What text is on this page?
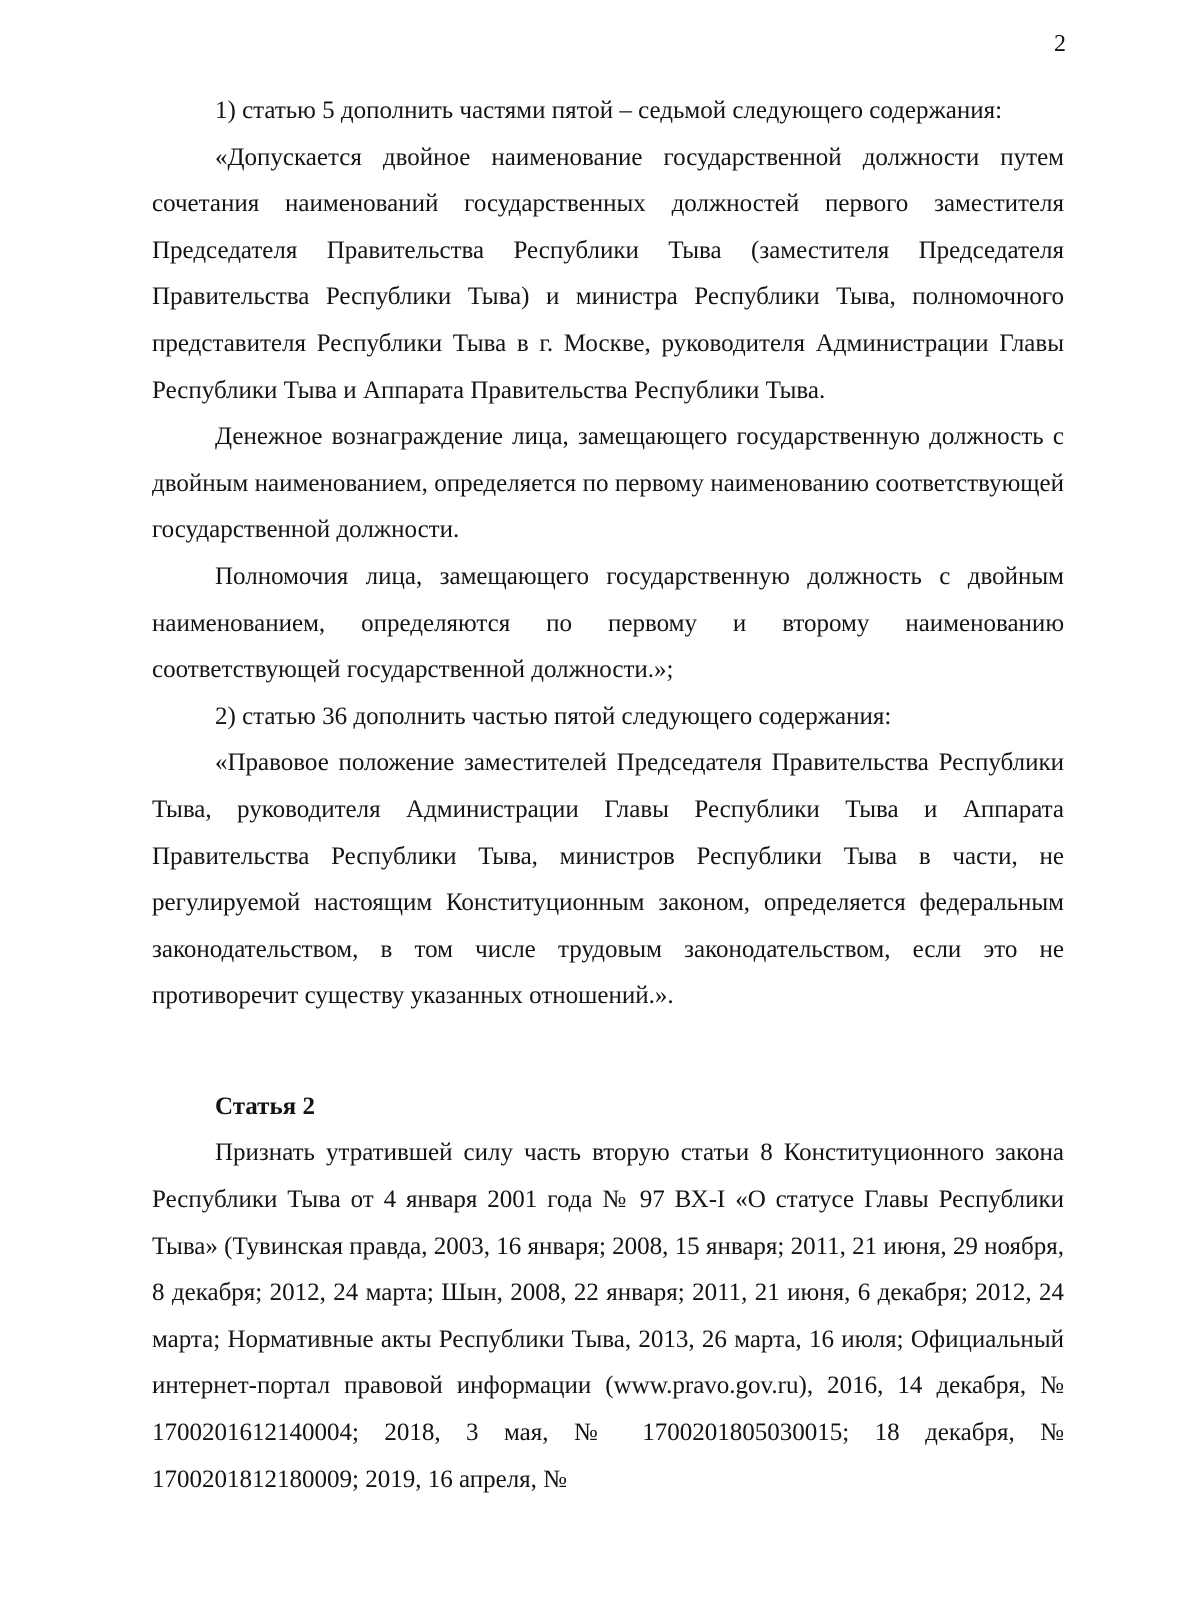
2

1) статью 5 дополнить частями пятой – седьмой следующего содержания:

«Допускается двойное наименование государственной должности путем сочетания наименований государственных должностей первого заместителя Председателя Правительства Республики Тыва (заместителя Председателя Правительства Республики Тыва) и министра Республики Тыва, полномочного представителя Республики Тыва в г. Москве, руководителя Администрации Главы Республики Тыва и Аппарата Правительства Республики Тыва.

Денежное вознаграждение лица, замещающего государственную должность с двойным наименованием, определяется по первому наименованию соответствующей государственной должности.

Полномочия лица, замещающего государственную должность с двойным наименованием, определяются по первому и второму наименованию соответствующей государственной должности.»;

2) статью 36 дополнить частью пятой следующего содержания:

«Правовое положение заместителей Председателя Правительства Республики Тыва, руководителя Администрации Главы Республики Тыва и Аппарата Правительства Республики Тыва, министров Республики Тыва в части, не регулируемой настоящим Конституционным законом, определяется федеральным законодательством, в том числе трудовым законодательством, если это не противоречит существу указанных отношений.».

Статья 2

Признать утратившей силу часть вторую статьи 8 Конституционного закона Республики Тыва от 4 января 2001 года № 97 ВХ-I «О статусе Главы Республики Тыва» (Тувинская правда, 2003, 16 января; 2008, 15 января; 2011, 21 июня, 29 ноября, 8 декабря; 2012, 24 марта; Шын, 2008, 22 января; 2011, 21 июня, 6 декабря; 2012, 24 марта; Нормативные акты Республики Тыва, 2013, 26 марта, 16 июля; Официальный интернет-портал правовой информации (www.pravo.gov.ru), 2016, 14 декабря, № 1700201612140004; 2018, 3 мая, № 1700201805030015; 18 декабря, № 1700201812180009; 2019, 16 апреля, №
